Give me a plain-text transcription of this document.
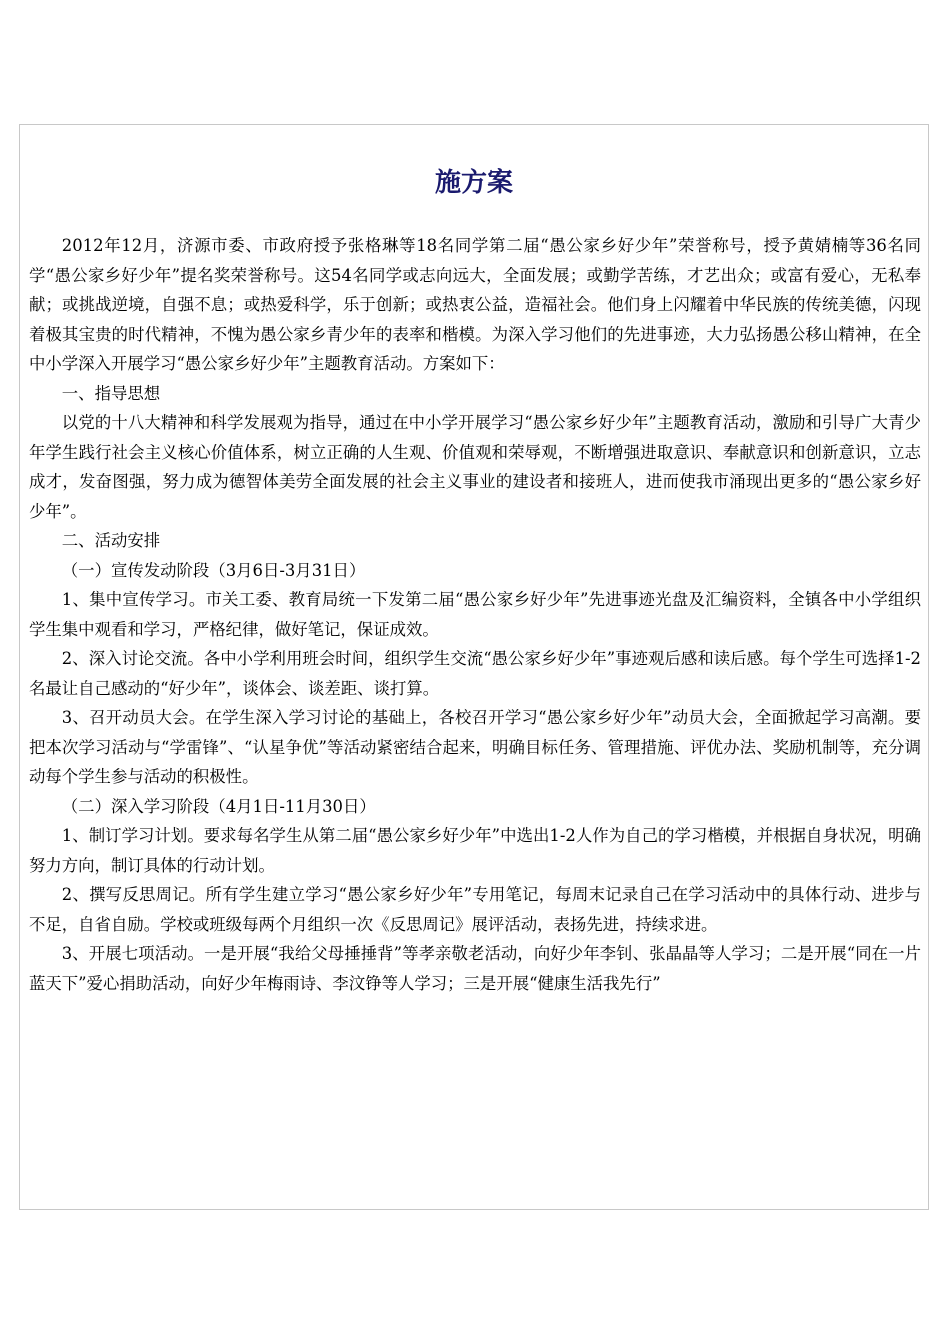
施方案

2012年12月，济源市委、市政府授予张格琳等18名同学第二届“愚公家乡好少年”荣誉称号，授予黄婧楠等36名同学“愚公家乡好少年”提名奖荣誉称号。这54名同学或志向远大，全面发展；或勤学苦练，才艺出众；或富有爱心，无私奉献；或挑战逆境，自强不息；或热爱科学，乐于创新；或热衷公益，造福社会。他们身上闪耀着中华民族的传统美德，闪现着极其宝贵的时代精神，不愧为愚公家乡青少年的表率和楷模。为深入学习他们的先进事迹，大力弘扬愚公移山精神，在全中小学深入开展学习“愚公家乡好少年”主题教育活动。方案如下：

一、指导思想

以党的十八大精神和科学发展观为指导，通过在中小学开展学习“愚公家乡好少年”主题教育活动，激励和引导广大青少年学生践行社会主义核心价值体系，树立正确的人生观、价值观和荣辱观，不断增强进取意识、奉献意识和创新意识，立志成才，发奋图强，努力成为德智体美劳全面发展的社会主义事业的建设者和接班人，进而使我市涌现出更多的“愚公家乡好少年”。

二、活动安排

（一）宣传发动阶段（3月6日-3月31日）

1、集中宣传学习。市关工委、教育局统一下发第二届“愚公家乡好少年”先进事迹光盘及汇编资料，全镇各中小学组织学生集中观看和学习，严格纪律，做好笔记，保证成效。

2、深入讨论交流。各中小学利用班会时间，组织学生交流“愚公家乡好少年”事迹观后感和读后感。每个学生可选择1-2名最让自己感动的“好少年”，谈体会、谈差距、谈打算。

3、召开动员大会。在学生深入学习讨论的基础上，各校召开学习“愚公家乡好少年”动员大会，全面掀起学习高潮。要把本次学习活动与“学雷锋”、“认星争优”等活动紧密结合起来，明确目标任务、管理措施、评优办法、奖励机制等，充分调动每个学生参与活动的积极性。

（二）深入学习阶段（4月1日-11月30日）

1、制订学习计划。要求每名学生从第二届“愚公家乡好少年”中选出1-2人作为自己的学习楷模，并根据自身状况，明确努力方向，制订具体的行动计划。

2、撰写反思周记。所有学生建立学习“愚公家乡好少年”专用笔记，每周末记录自己在学习活动中的具体行动、进步与不足，自省自励。学校或班级每两个月组织一次《反思周记》展评活动，表扬先进，持续求进。

3、开展七项活动。一是开展“我给父母捶捶背”等孝亲敬老活动，向好少年李钊、张晶晶等人学习；二是开展“同在一片蓝天下”爱心捐助活动，向好少年梅雨诗、李汶铮等人学习；三是开展“健康生活我先行”
